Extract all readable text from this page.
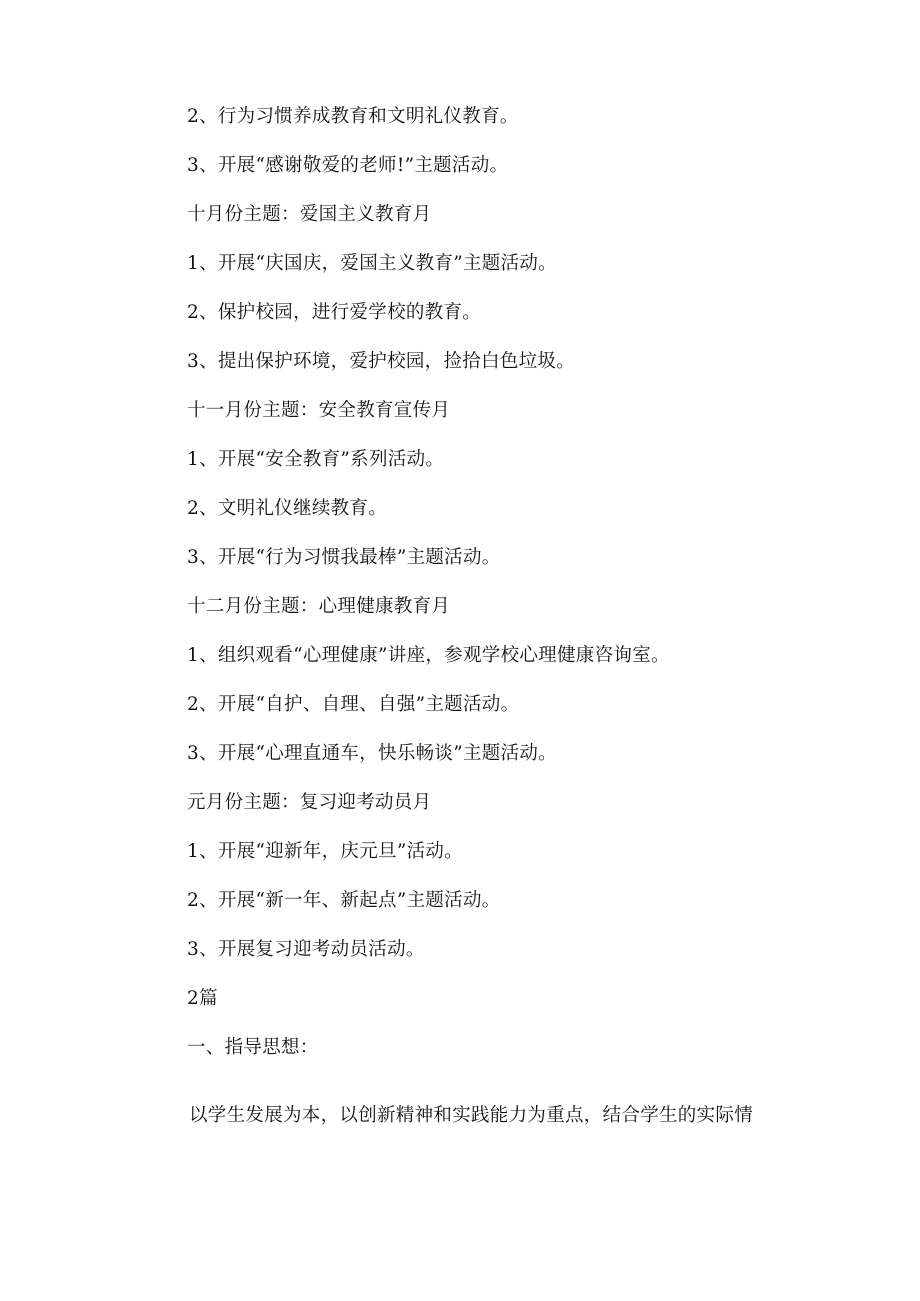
2、行为习惯养成教育和文明礼仪教育。
3、开展“感谢敬爱的老师!”主题活动。
十月份主题：爱国主义教育月
1、开展“庆国庆，爱国主义教育”主题活动。
2、保护校园，进行爱学校的教育。
3、提出保护环境，爱护校园，捡拾白色垃圾。
十一月份主题：安全教育宣传月
1、开展“安全教育”系列活动。
2、文明礼仪继续教育。
3、开展“行为习惯我最棒”主题活动。
十二月份主题：心理健康教育月
1、组织观看“心理健康”讲座，参观学校心理健康咨询室。
2、开展“自护、自理、自强”主题活动。
3、开展“心理直通车，快乐畅谈”主题活动。
元月份主题：复习迎考动员月
1、开展“迎新年，庆元旦”活动。
2、开展“新一年、新起点”主题活动。
3、开展复习迎考动员活动。
2篇
一、指导思想：

以学生发展为本，以创新精神和实践能力为重点，结合学生的实际情
